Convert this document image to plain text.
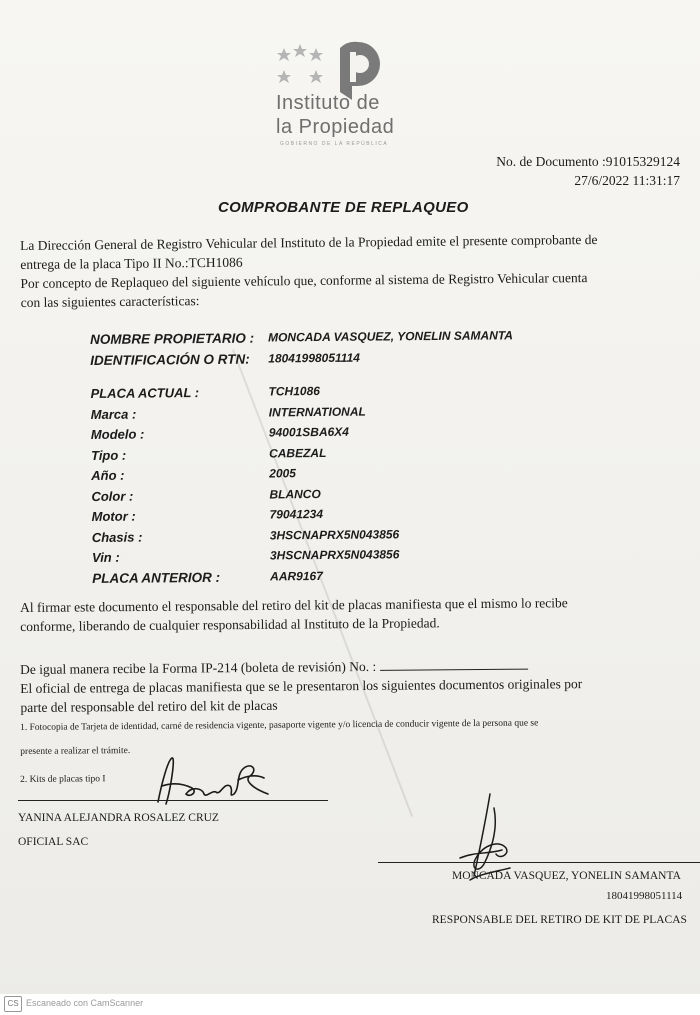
Instituto de
la Propiedad
GOBIERNO DE LA REPÚBLICA
No. de Documento :91015329124
27/6/2022 11:31:17
COMPROBANTE DE REPLAQUEO
La Dirección General de Registro Vehicular del Instituto de la Propiedad emite el presente comprobante de
entrega de la placa Tipo II No.:TCH1086
Por concepto de Replaqueo del siguiente vehículo que, conforme al sistema de Registro Vehicular cuenta
con las siguientes características:
NOMBRE PROPIETARIO : MONCADA VASQUEZ, YONELIN SAMANTA
IDENTIFICACIÓN O RTN: 18041998051114
PLACA ACTUAL :	TCH1086
Marca :	INTERNATIONAL
Modelo :	94001SBA6X4
Tipo :	CABEZAL
Año :	2005
Color :	BLANCO
Motor :	79041234
Chasis :	3HSCNAPRX5N043856
Vin :	3HSCNAPRX5N043856
PLACA ANTERIOR :	AAR9167
Al firmar este documento el responsable del retiro del kit de placas manifiesta que el mismo lo recibe
conforme, liberando de cualquier responsabilidad al Instituto de la Propiedad.
De igual manera recibe la Forma IP-214 (boleta de revisión) No. :
El oficial de entrega de placas manifiesta que se le presentaron los siguientes documentos originales por
parte del responsable del retiro del kit de placas
1. Fotocopia de Tarjeta de identidad, carné de residencia vigente, pasaporte vigente y/o licencia de conducir vigente de la persona que se
presente a realizar el trámite.
2. Kits de placas tipo I
YANINA ALEJANDRA ROSALEZ CRUZ
OFICIAL SAC
MONCADA VASQUEZ, YONELIN SAMANTA
18041998051114
RESPONSABLE DEL RETIRO DE KIT DE PLACAS
CS Escaneado con CamScanner
